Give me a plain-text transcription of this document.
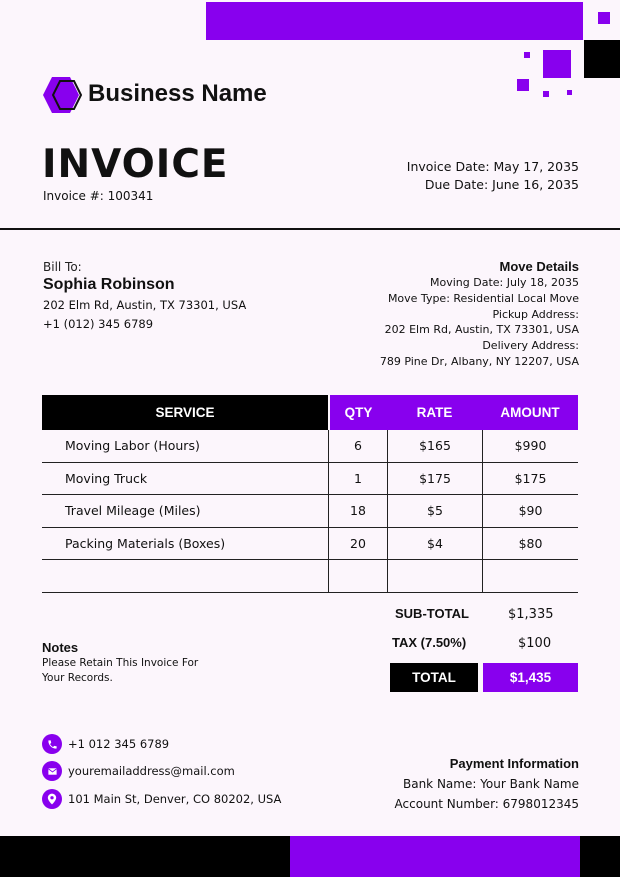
Business Name
INVOICE
Invoice #: 100341
Invoice Date: May 17, 2035
Due Date: June 16, 2035
Bill To:
Sophia Robinson
202 Elm Rd, Austin, TX 73301, USA
+1 (012) 345 6789
Move Details
Moving Date: July 18, 2035
Move Type: Residential Local Move
Pickup Address:
202 Elm Rd, Austin, TX 73301, USA
Delivery Address:
789 Pine Dr, Albany, NY 12207, USA
SERVICE	QTY	RATE	AMOUNT
Moving Labor (Hours)	6	$165	$990
Moving Truck	1	$175	$175
Travel Mileage (Miles)	18	$5	$90
Packing Materials (Boxes)	20	$4	$80
SUB-TOTAL	$1,335
TAX (7.50%)	$100
TOTAL	$1,435
Notes
Please Retain This Invoice For Your Records.
+1 012 345 6789
youremailaddress@mail.com
101 Main St, Denver, CO 80202, USA
Payment Information
Bank Name: Your Bank Name
Account Number: 6798012345
